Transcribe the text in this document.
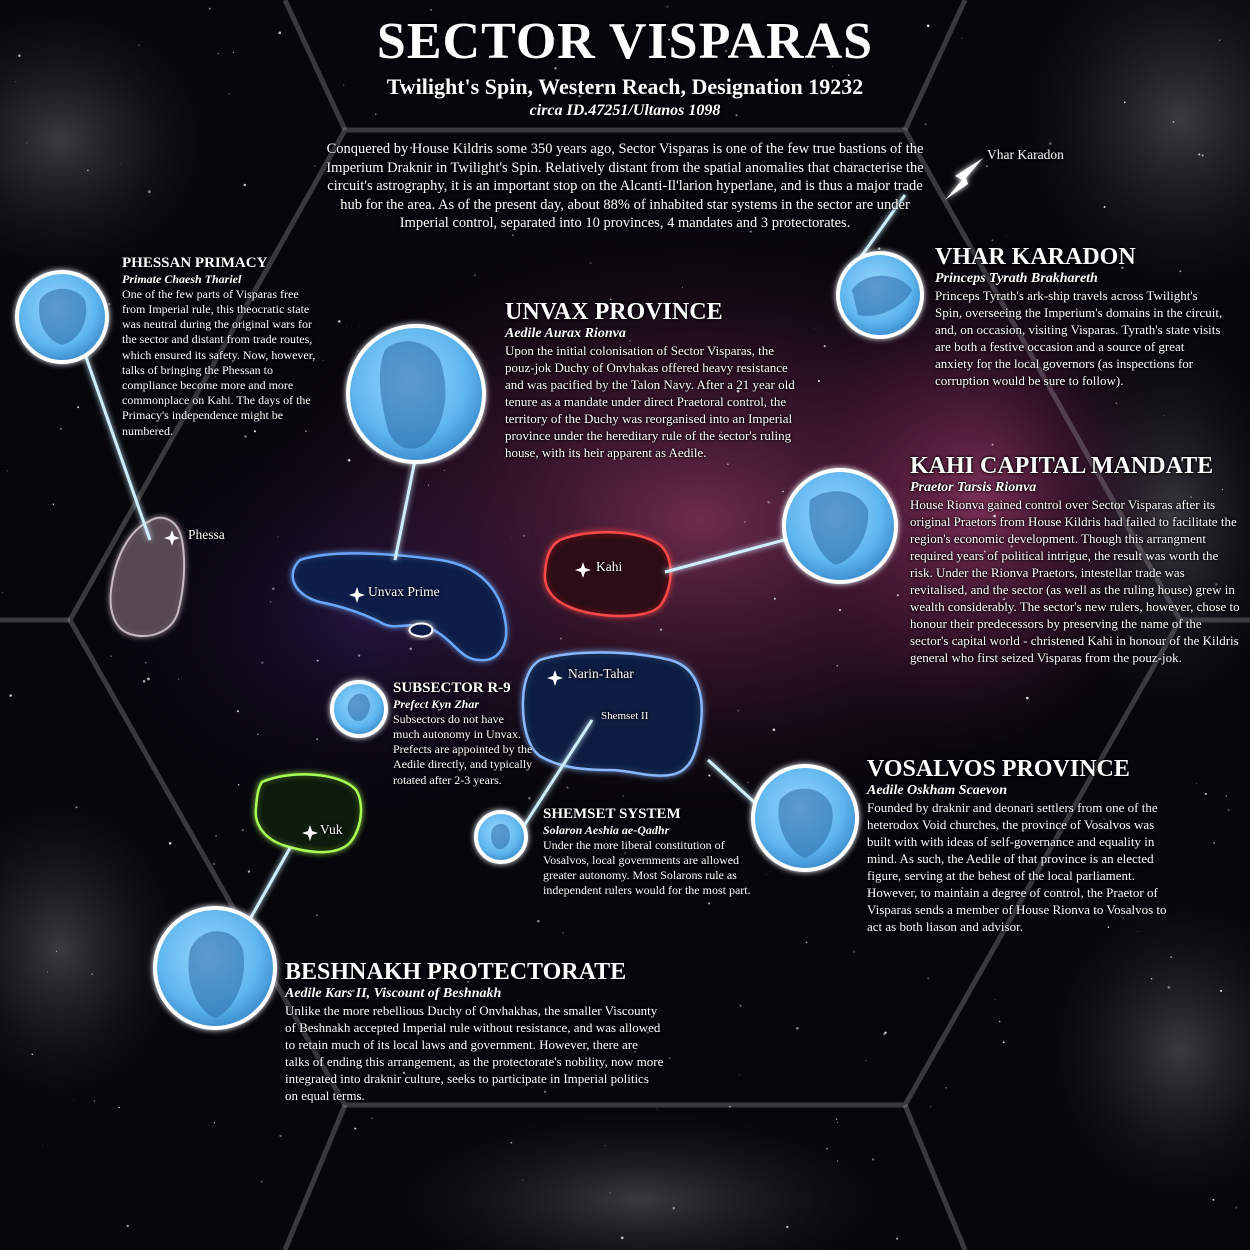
SECTOR VISPARAS
Twilight's Spin, Western Reach, Designation 19232
circa ID.47251/Ultanos 1098
Conquered by House Kildris some 350 years ago, Sector Visparas is one of the few true bastions of the Imperium Draknir in Twilight's Spin. Relatively distant from the spatial anomalies that characterise the circuit's astrography, it is an important stop on the Alcanti-Il'larion hyperlane, and is thus a major trade hub for the area. As of the present day, about 88% of inhabited star systems in the sector are under Imperial control, separated into 10 provinces, 4 mandates and 3 protectorates.
PHESSAN PRIMACY
Primate Chaesh Thariel
One of the few parts of Visparas free from Imperial rule, this theocratic state was neutral during the original wars for the sector and distant from trade routes, which ensured its safety. Now, however, talks of bringing the Phessan to compliance become more and more commonplace on Kahi. The days of the Primacy's independence might be numbered.
UNVAX PROVINCE
Aedile Aurax Rionva
Upon the initial colonisation of Sector Visparas, the pouz-jok Duchy of Onvhakas offered heavy resistance and was pacified by the Talon Navy. After a 21 year old tenure as a mandate under direct Praetoral control, the territory of the Duchy was reorganised into an Imperial province under the hereditary rule of the sector's ruling house, with its heir apparent as Aedile.
VHAR KARADON
Princeps Tyrath Brakhareth
Princeps Tyrath's ark-ship travels across Twilight's Spin, overseeing the Imperium's domains in the circuit, and, on occasion, visiting Visparas. Tyrath's state visits are both a festive occasion and a source of great anxiety for the local governors (as inspections for corruption would be sure to follow).
KAHI CAPITAL MANDATE
Praetor Tarsis Rionva
House Rionva gained control over Sector Visparas after its original Praetors from House Kildris had failed to facilitate the region's economic development. Though this arrangment required years of political intrigue, the result was worth the risk. Under the Rionva Praetors, intestellar trade was revitalised, and the sector (as well as the ruling house) grew in wealth considerably. The sector's new rulers, however, chose to honour their predecessors by preserving the name of the sector's capital world - christened Kahi in honour of the Kildris general who first seized Visparas from the pouz-jok.
SUBSECTOR R-9
Prefect Kyn Zhar
Subsectors do not have much autonomy in Unvax. Prefects are appointed by the Aedile directly, and typically rotated after 2-3 years.
SHEMSET SYSTEM
Solaron Aeshia ae-Qadhr
Under the more liberal constitution of Vosalvos, local governments are allowed greater autonomy. Most Solarons rule as independent rulers would for the most part.
VOSALVOS PROVINCE
Aedile Oskham Scaevon
Founded by draknir and deonari settlers from one of the heterodox Void churches, the province of Vosalvos was built with with ideas of self-governance and equality in mind. As such, the Aedile of that province is an elected figure, serving at the behest of the local parliament. However, to maintain a degree of control, the Praetor of Visparas sends a member of House Rionva to Vosalvos to act as both liason and advisor.
BESHNAKH PROTECTORATE
Aedile Kars II, Viscount of Beshnakh
Unlike the more rebellious Duchy of Onvhakhas, the smaller Viscounty of Beshnakh accepted Imperial rule without resistance, and was allowed to retain much of its local laws and government. However, there are talks of ending this arrangement, as the protectorate's nobility, now more integrated into draknir culture, seeks to participate in Imperial politics on equal terms.
Vhar Karadon
Phessa
Unvax Prime
Kahi
Narin-Tahar
Shemset II
Vuk
